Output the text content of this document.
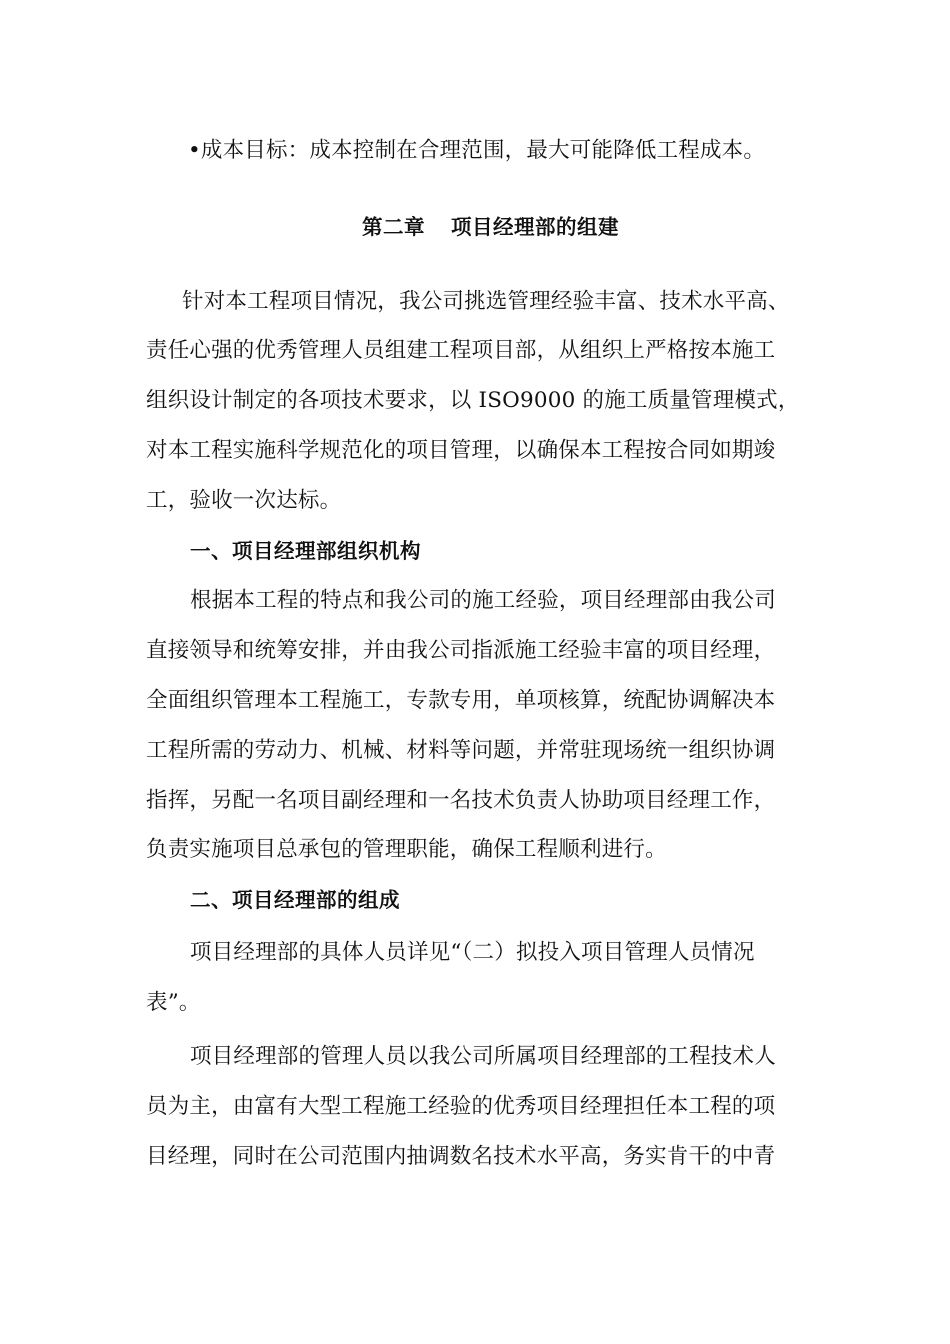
•成本目标：成本控制在合理范围，最大可能降低工程成本。
第二章 项目经理部的组建
针对本工程项目情况，我公司挑选管理经验丰富、技术水平高、
责任心强的优秀管理人员组建工程项目部，从组织上严格按本施工
组织设计制定的各项技术要求，以 ISO9000 的施工质量管理模式，
对本工程实施科学规范化的项目管理，以确保本工程按合同如期竣
工，验收一次达标。
一、项目经理部组织机构
根据本工程的特点和我公司的施工经验，项目经理部由我公司
直接领导和统筹安排，并由我公司指派施工经验丰富的项目经理，
全面组织管理本工程施工，专款专用，单项核算，统配协调解决本
工程所需的劳动力、机械、材料等问题，并常驻现场统一组织协调
指挥，另配一名项目副经理和一名技术负责人协助项目经理工作，
负责实施项目总承包的管理职能，确保工程顺利进行。
二、项目经理部的组成
项目经理部的具体人员详见“（二）拟投入项目管理人员情况
表”。
项目经理部的管理人员以我公司所属项目经理部的工程技术人
员为主，由富有大型工程施工经验的优秀项目经理担任本工程的项
目经理，同时在公司范围内抽调数名技术水平高，务实肯干的中青
